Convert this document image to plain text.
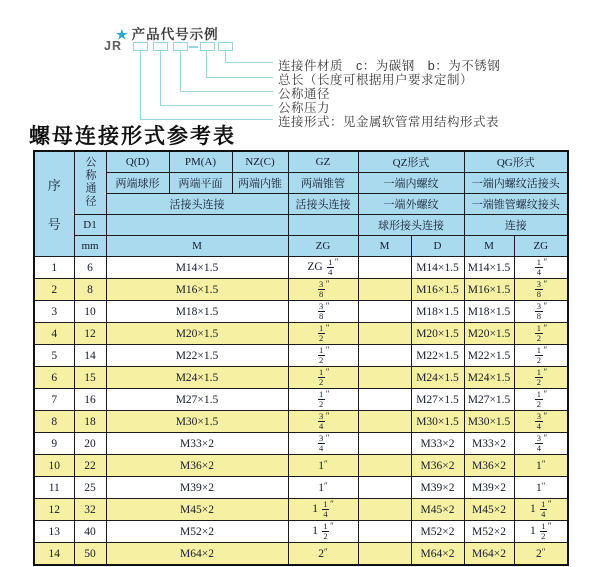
★ 产品代号示例
JR
连接件材质　c：为碳钢　b：为不锈钢
总长（长度可根据用户要求定制）
公称通径
公称压力
连接形式：见金属软管常用结构形式表
螺母连接形式参考表
序
号	公称通径	Q(D)	PM(A)	NZ(C)	GZ	QZ形式		QG形式	
		两端球形	两端平面	两端内锥	两端锥管	一端内螺纹		一端内螺纹活接头	
		活接头连接			活接头连接	一端外螺纹		一端锥管螺纹接头	
	D1					球形接头连接		连接	
	mm	M			ZG	M	D	M	ZG
1	6	M14×1.5			ZG $\frac{1}{4} ''$		M14×1.5	M14×1.5	$\frac{1}{4} ''$
2	8	M16×1.5			$\frac{3}{8} ''$		M16×1.5	M16×1.5	$\frac{3}{8} ''$
3	10	M18×1.5			$\frac{3}{8} ''$		M18×1.5	M18×1.5	$\frac{3}{8} ''$
4	12	M20×1.5			$\frac{1}{2} ''$		M20×1.5	M20×1.5	$\frac{1}{2} ''$
5	14	M22×1.5			$\frac{1}{2} ''$		M22×1.5	M22×1.5	$\frac{1}{2} ''$
6	15	M24×1.5			$\frac{1}{2} ''$		M24×1.5	M24×1.5	$\frac{1}{2} ''$
7	16	M27×1.5			$\frac{1}{2} ''$		M27×1.5	M27×1.5	$\frac{1}{2} ''$
8	18	M30×1.5			$\frac{3}{4} ''$		M30×1.5	M30×1.5	$\frac{3}{4} ''$
9	20	M33×2			$\frac{3}{4} ''$		M33×2	M33×2	$\frac{3}{4} ''$
10	22	M36×2			1″		M36×2	M36×2	1″
11	25	M39×2			1″		M39×2	M39×2	1″
12	32	M45×2			$1 \frac{1}{4} ''$		M45×2	M45×2	$1 \frac{1}{4} ''$
13	40	M52×2			$1 \frac{1}{2} ''$		M52×2	M52×2	$1 \frac{1}{2} ''$
14	50	M64×2			2″		M64×2	M64×2	2″
